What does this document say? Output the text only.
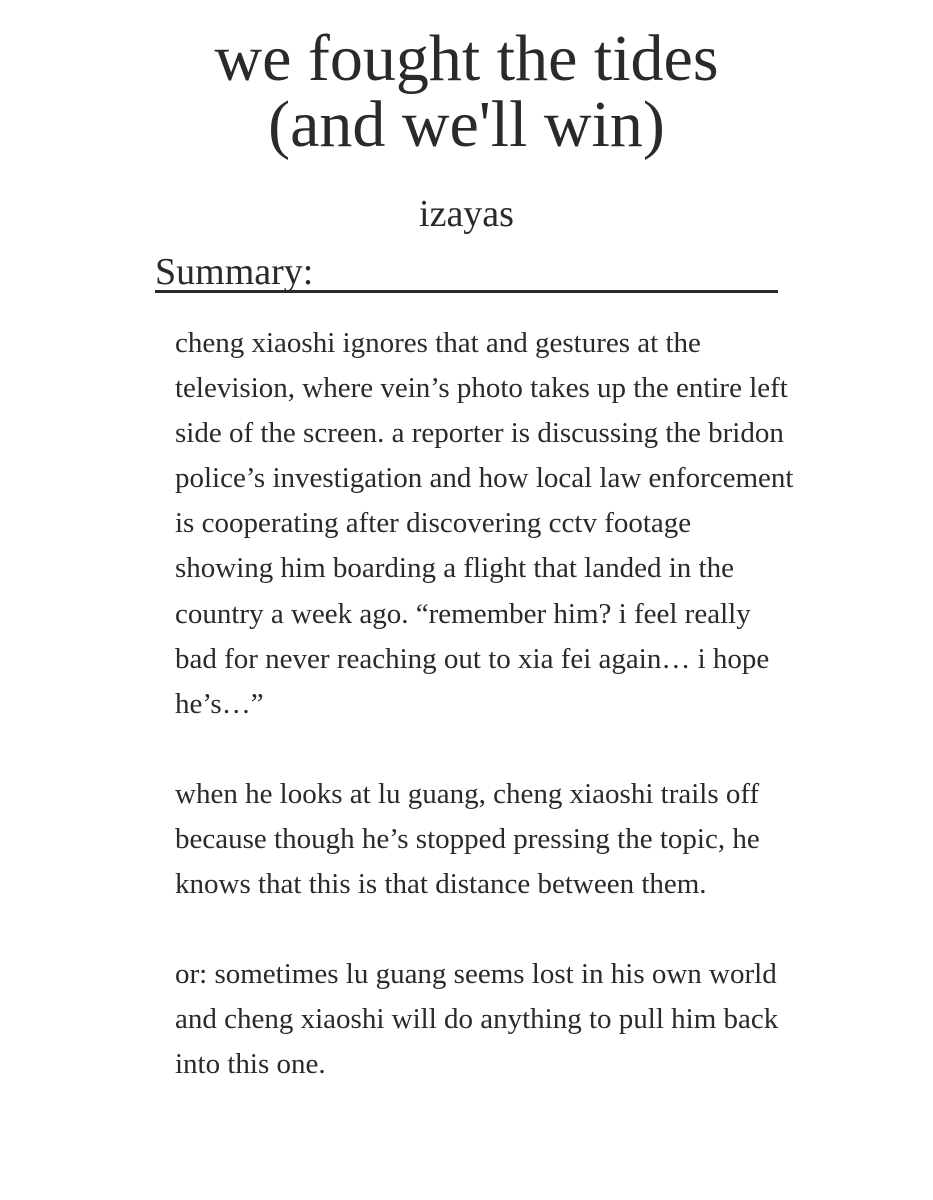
we fought the tides
(and we'll win)
izayas
Summary:

cheng xiaoshi ignores that and gestures at the television, where vein’s photo takes up the entire left side of the screen. a reporter is discussing the bridon police’s investigation and how local law enforcement is cooperating after discovering cctv footage showing him boarding a flight that landed in the country a week ago. “remember him? i feel really bad for never reaching out to xia fei again… i hope he’s…”

when he looks at lu guang, cheng xiaoshi trails off because though he’s stopped pressing the topic, he knows that this is that distance between them.

or: sometimes lu guang seems lost in his own world and cheng xiaoshi will do anything to pull him back into this one.
